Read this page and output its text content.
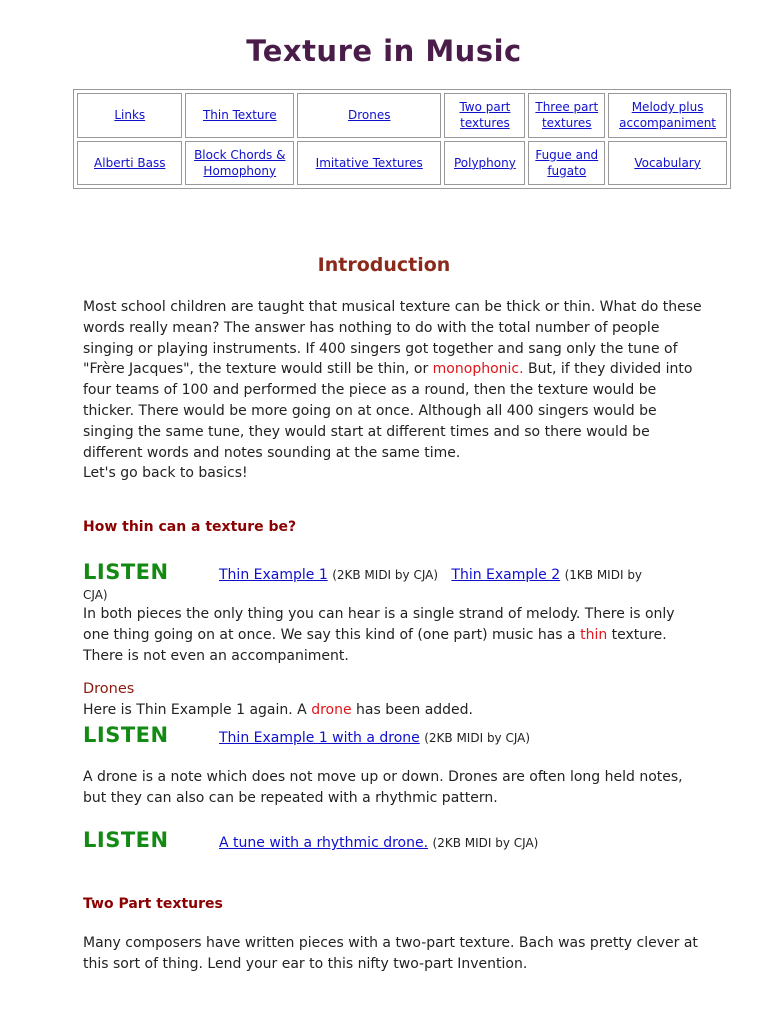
Texture in Music
Links	Thin Texture	Drones	Two part textures	Three part textures	Melody plus accompaniment
Alberti Bass	Block Chords & Homophony	Imitative Textures	Polyphony	Fugue and fugato	Vocabulary
Introduction
Most school children are taught that musical texture can be thick or thin. What do these words really mean? The answer has nothing to do with the total number of people singing or playing instruments. If 400 singers got together and sang only the tune of "Frère Jacques", the texture would still be thin, or monophonic. But, if they divided into four teams of 100 and performed the piece as a round, then the texture would be thicker. There would be more going on at once. Although all 400 singers would be singing the same tune, they would start at different times and so there would be different words and notes sounding at the same time.
Let's go back to basics!
How thin can a texture be?
LISTEN	Thin Example 1 (2KB MIDI by CJA) Thin Example 2 (1KB MIDI by
CJA)
In both pieces the only thing you can hear is a single strand of melody. There is only one thing going on at once. We say this kind of (one part) music has a thin texture. There is not even an accompaniment.
Drones
Here is Thin Example 1 again. A drone has been added.
LISTEN	Thin Example 1 with a drone (2KB MIDI by CJA)
A drone is a note which does not move up or down. Drones are often long held notes, but they can also can be repeated with a rhythmic pattern.
LISTEN	A tune with a rhythmic drone. (2KB MIDI by CJA)
Two Part textures
Many composers have written pieces with a two-part texture. Bach was pretty clever at this sort of thing. Lend your ear to this nifty two-part Invention.
